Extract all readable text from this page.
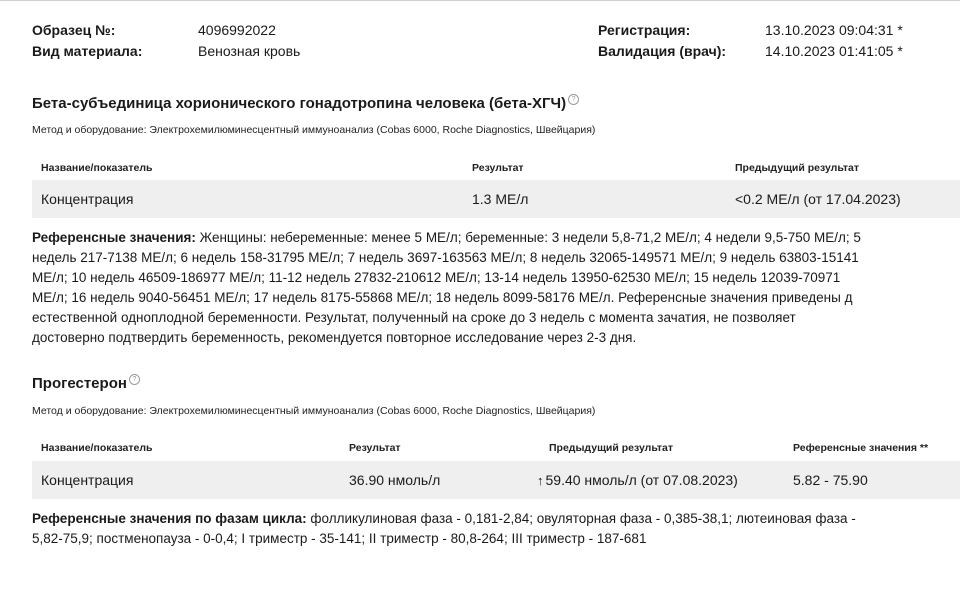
Образец №:	4096992022
Вид материала:	Венозная кровь
Регистрация:	13.10.2023 09:04:31 *
Валидация (врач):	14.10.2023 01:41:05 *
Бета-субъединица хорионического гонадотропина человека (бета-ХГЧ) ?
Метод и оборудование: Электрохемилюминесцентный иммуноанализ (Cobas 6000, Roche Diagnostics, Швейцария)
Название/показатель	Результат	Предыдущий результат
Концентрация	1.3 МЕ/л	<0.2 МЕ/л (от 17.04.2023)
Референсные значения: Женщины: небеременные: менее 5 МЕ/л; беременные: 3 недели 5,8-71,2 МЕ/л; 4 недели 9,5-750 МЕ/л; 5
недель 217-7138 МЕ/л; 6 недель 158-31795 МЕ/л; 7 недель 3697-163563 МЕ/л; 8 недель 32065-149571 МЕ/л; 9 недель 63803-15141
МЕ/л; 10 недель 46509-186977 МЕ/л; 11-12 недель 27832-210612 МЕ/л; 13-14 недель 13950-62530 МЕ/л; 15 недель 12039-70971
МЕ/л; 16 недель 9040-56451 МЕ/л; 17 недель 8175-55868 МЕ/л; 18 недель 8099-58176 МЕ/л. Референсные значения приведены д
естественной одноплодной беременности. Результат, полученный на сроке до 3 недель с момента зачатия, не позволяет
достоверно подтвердить беременность, рекомендуется повторное исследование через 2-3 дня.
Прогестерон ?
Метод и оборудование: Электрохемилюминесцентный иммуноанализ (Cobas 6000, Roche Diagnostics, Швейцария)
Название/показатель	Результат	Предыдущий результат	Референсные значения **
Концентрация	36.90 нмоль/л	↑ 59.40 нмоль/л (от 07.08.2023)	5.82 - 75.90
Референсные значения по фазам цикла: фолликулиновая фаза - 0,181-2,84; овуляторная фаза - 0,385-38,1; лютеиновая фаза -
5,82-75,9; постменопауза - 0-0,4; I триместр - 35-141; II триместр - 80,8-264; III триместр - 187-681
